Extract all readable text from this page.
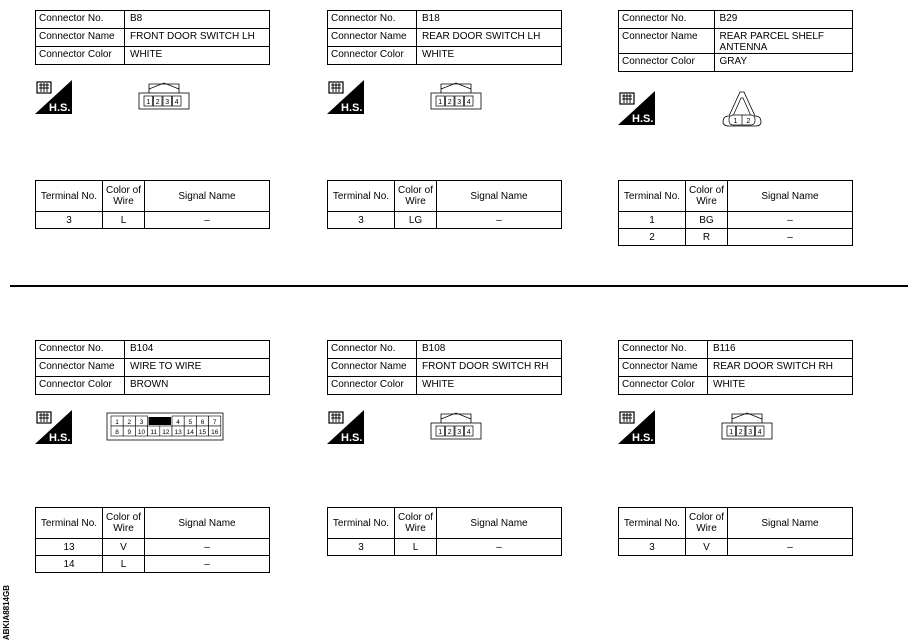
Connector No.	B8
Connector Name	FRONT DOOR SWITCH LH
Connector Color	WHITE
H.S.	1 2 3 4
Terminal No.	Color of Wire	Signal Name
3	L	–
Connector No.	B18
Connector Name	REAR DOOR SWITCH LH
Connector Color	WHITE
H.S.	1 2 3 4
Terminal No.	Color of Wire	Signal Name
3	LG	–
Connector No.	B29
Connector Name	REAR PARCEL SHELF ANTENNA
Connector Color	GRAY
H.S.	1 2
Terminal No.	Color of Wire	Signal Name
1	BG	–
2	R	–
Connector No.	B104
Connector Name	WIRE TO WIRE
Connector Color	BROWN
H.S.
1 2 3	4 5 6 7
8 9 10 11 12 13 14 15 16
Terminal No.	Color of Wire	Signal Name
13	V	–
14	L	–
Connector No.	B108
Connector Name	FRONT DOOR SWITCH RH
Connector Color	WHITE
H.S.	1 2 3 4
Terminal No.	Color of Wire	Signal Name
3	L	–
Connector No.	B116
Connector Name	REAR DOOR SWITCH RH
Connector Color	WHITE
H.S.	1 2 3 4
Terminal No.	Color of Wire	Signal Name
3	V	–
ABKIA8814GB
